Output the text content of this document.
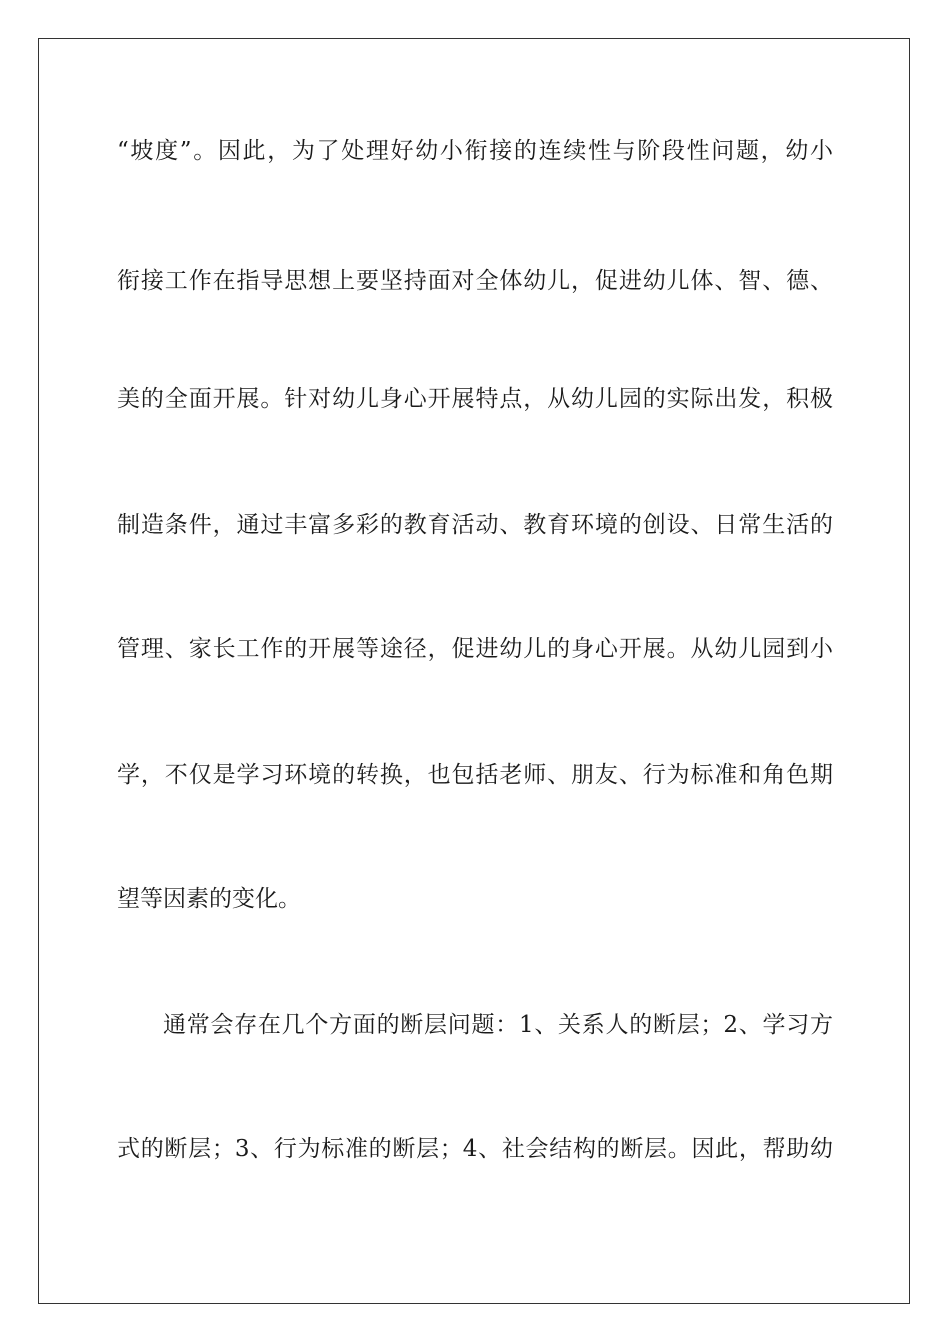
“坡度”。因此，为了处理好幼小衔接的连续性与阶段性问题，幼小

衔接工作在指导思想上要坚持面对全体幼儿，促进幼儿体、智、德、

美的全面开展。针对幼儿身心开展特点，从幼儿园的实际出发，积极

制造条件，通过丰富多彩的教育活动、教育环境的创设、日常生活的

管理、家长工作的开展等途径，促进幼儿的身心开展。从幼儿园到小

学，不仅是学习环境的转换，也包括老师、朋友、行为标准和角色期

望等因素的变化。

通常会存在几个方面的断层问题：1、关系人的断层；2、学习方

式的断层；3、行为标准的断层；4、社会结构的断层。因此，帮助幼
